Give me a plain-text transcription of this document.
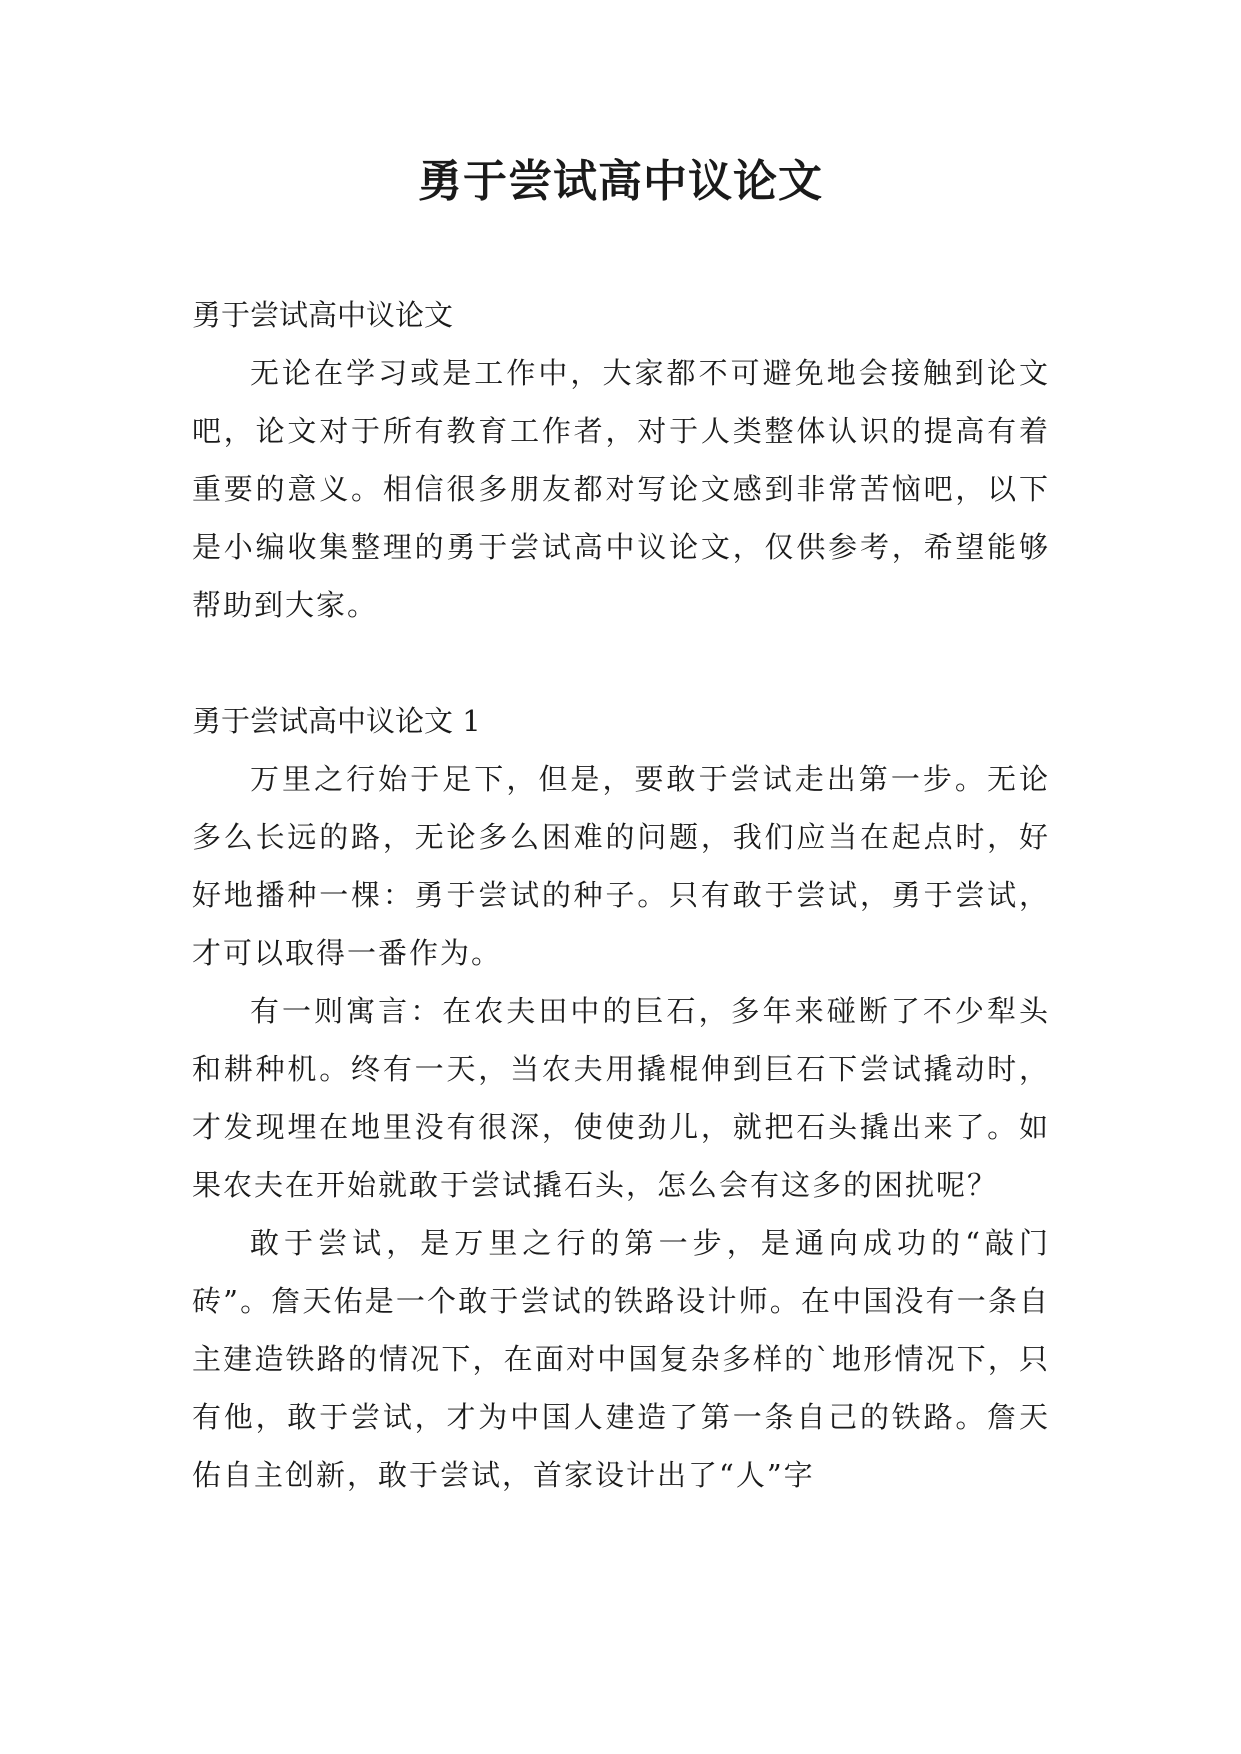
勇于尝试高中议论文

勇于尝试高中议论文

无论在学习或是工作中，大家都不可避免地会接触到论文吧，论文对于所有教育工作者，对于人类整体认识的提高有着重要的意义。相信很多朋友都对写论文感到非常苦恼吧，以下是小编收集整理的勇于尝试高中议论文，仅供参考，希望能够帮助到大家。

勇于尝试高中议论文 1

万里之行始于足下，但是，要敢于尝试走出第一步。无论多么长远的路，无论多么困难的问题，我们应当在起点时，好好地播种一棵：勇于尝试的种子。只有敢于尝试，勇于尝试，才可以取得一番作为。

有一则寓言：在农夫田中的巨石，多年来碰断了不少犁头和耕种机。终有一天，当农夫用撬棍伸到巨石下尝试撬动时，才发现埋在地里没有很深，使使劲儿，就把石头撬出来了。如果农夫在开始就敢于尝试撬石头，怎么会有这多的困扰呢？

敢于尝试，是万里之行的第一步，是通向成功的“敲门砖”。詹天佑是一个敢于尝试的铁路设计师。在中国没有一条自主建造铁路的情况下，在面对中国复杂多样的`地形情况下，只有他，敢于尝试，才为中国人建造了第一条自己的铁路。詹天佑自主创新，敢于尝试，首家设计出了“人”字
